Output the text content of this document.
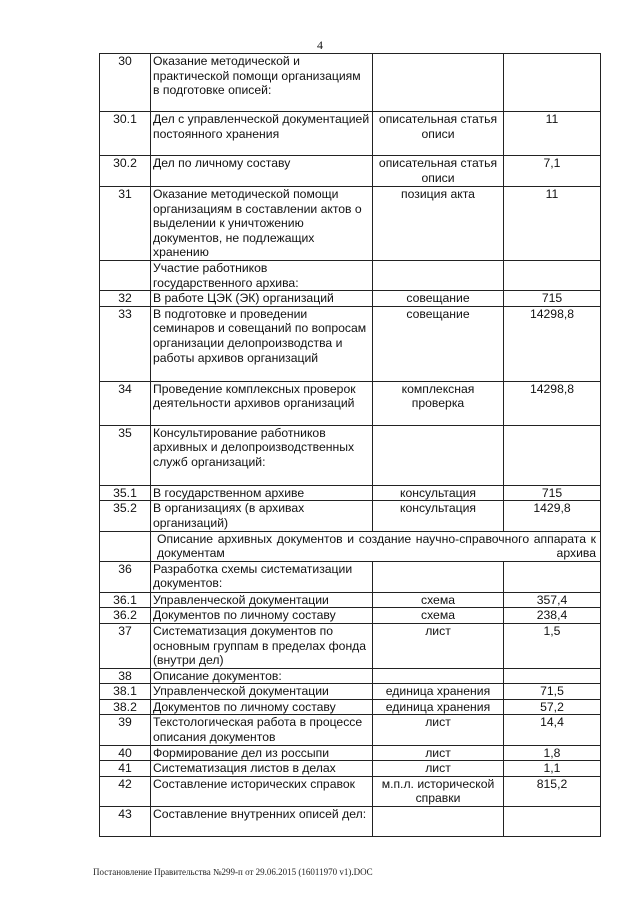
4
30	Оказание методической и практической помощи организациям в подготовке описей:		
30.1	Дел с управленческой документацией постоянного хранения	описательная статья описи	11
30.2	Дел по личному составу	описательная статья описи	7,1
31	Оказание методической помощи организациям в составлении актов о выделении к уничтожению документов, не подлежащих хранению	позиция акта	11
	Участие работников государственного архива:		
32	В работе ЦЭК (ЭК) организаций	совещание	715
33	В подготовке и проведении семинаров и совещаний по вопросам организации делопроизводства и работы архивов организаций	совещание	14298,8
34	Проведение комплексных проверок деятельности архивов организаций	комплексная проверка	14298,8
35	Консультирование работников архивных и делопроизводственных служб организаций:		
35.1	В государственном архиве	консультация	715
35.2	В организациях (в архивах организаций)	консультация	1429,8
	Описание архивных документов и создание научно-справочного аппарата к документам архива		
36	Разработка схемы систематизации документов:		
36.1	Управленческой документации	схема	357,4
36.2	Документов по личному составу	схема	238,4
37	Систематизация документов по основным группам в пределах фонда (внутри дел)	лист	1,5
38	Описание документов:		
38.1	Управленческой документации	единица хранения	71,5
38.2	Документов по личному составу	единица хранения	57,2
39	Текстологическая работа в процессе описания документов	лист	14,4
40	Формирование дел из россыпи	лист	1,8
41	Систематизация листов в делах	лист	1,1
42	Составление исторических справок	м.п.л. исторической справки	815,2
43	Составление внутренних описей дел:		
Постановление Правительства №299-п от 29.06.2015 (16011970 v1).DOC
